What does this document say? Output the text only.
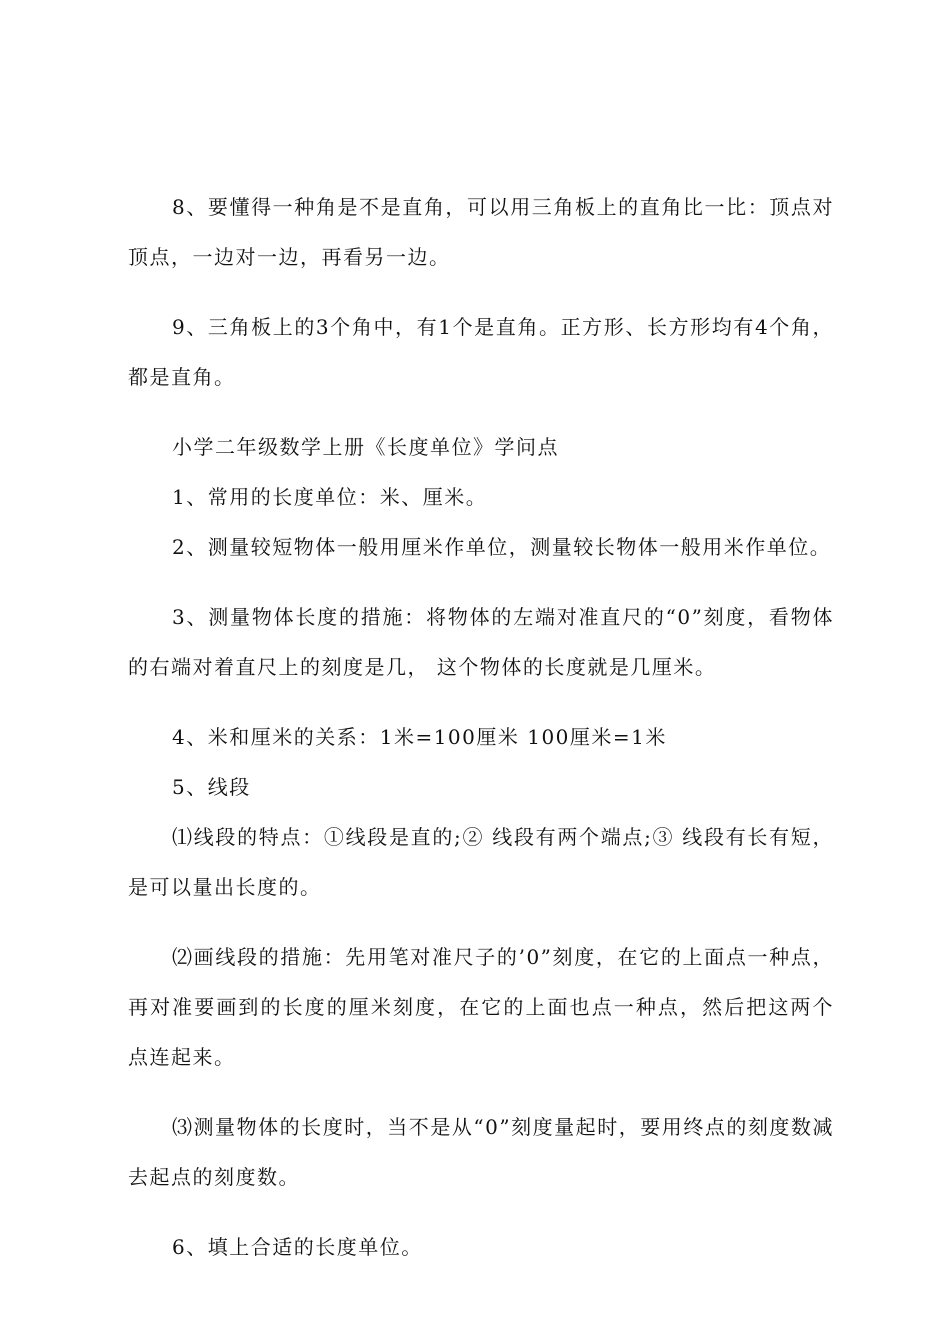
8、要懂得一种角是不是直角，可以用三角板上的直角比一比：顶点对顶点，一边对一边，再看另一边。

9、三角板上的3个角中，有1个是直角。正方形、长方形均有4个角，都是直角。

小学二年级数学上册《长度单位》学问点

1、常用的长度单位：米、厘米。

2、测量较短物体一般用厘米作单位，测量较长物体一般用米作单位。

3、测量物体长度的措施：将物体的左端对准直尺的“0”刻度，看物体的右端对着直尺上的刻度是几， 这个物体的长度就是几厘米。

4、米和厘米的关系：1米=100厘米 100厘米=1米

5、线段

⑴线段的特点：①线段是直的;② 线段有两个端点;③ 线段有长有短，是可以量出长度的。

⑵画线段的措施：先用笔对准尺子的’0”刻度，在它的上面点一种点，再对准要画到的长度的厘米刻度，在它的上面也点一种点，然后把这两个点连起来。

⑶测量物体的长度时，当不是从“0”刻度量起时，要用终点的刻度数减去起点的刻度数。

6、填上合适的长度单位。
